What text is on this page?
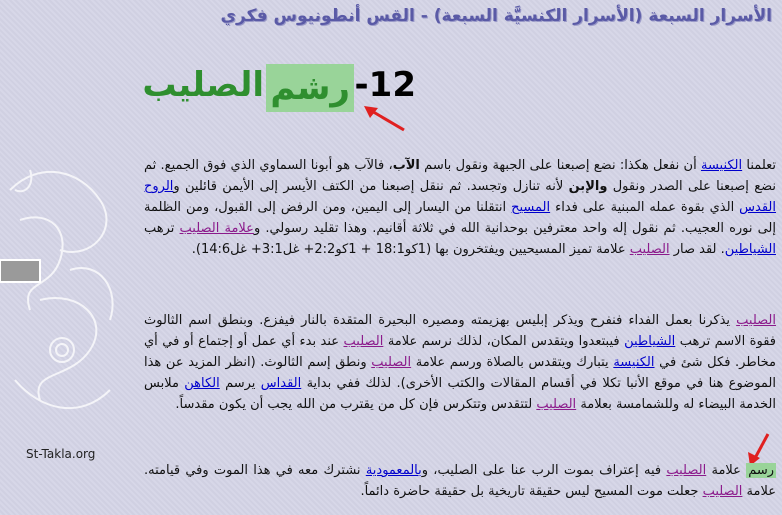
الأسرار السبعة (الأسرار الكنسيَّة السبعة) - القس أنطونيوس فكري
12-
رشم
الصليب
تعلمنا الكنيسة أن نفعل هكذا: نضع إصبعنا على الجبهة ونقول باسم الآب، فالآب هو أبونا السماوي الذي فوق الجميع. ثم نضع إصبعنا على الصدر ونقول والإبن لأنه تنازل وتجسد. ثم ننقل إصبعنا من الكتف الأيسر إلى الأيمن قائلين والروح القدس الذي بقوة عمله المبنية على فداء المسيح انتقلنا من اليسار إلى اليمين، ومن الرفض إلى القبول، ومن الظلمة إلى نوره العجيب. ثم نقول إله واحد معترفين بوحدانية الله في ثلاثة أقانيم. وهذا تقليد رسولي. وعلامة الصليب ترهب الشياطين. لقد صار الصليب علامة تميز المسيحيين ويفتخرون بها (1كو18:1 + 1كو2:2+ غل3:1+ غل14:6).
الصليب يذكرنا بعمل الفداء فنفرح ويذكر إبليس بهزيمته ومصيره البحيرة المتقدة بالنار فيفزع. وبنطق اسم الثالوث فقوة الاسم ترهب الشياطين فيبتعدوا ويتقدس المكان، لذلك نرسم علامة الصليب عند بدء أي عمل أو إجتماع أو في أي مخاطر. فكل شئ في الكنيسة يتبارك ويتقدس بالصلاة ورسم علامة الصليب ونطق إسم الثالوث. (انظر المزيد عن هذا الموضوع هنا في موقع الأنبا تكلا في أقسام المقالات والكتب الأخرى). لذلك ففي بداية القداس يرسم الكاهن ملابس الخدمة البيضاء له وللشمامسة بعلامة الصليب لتتقدس وتتكرس فإن كل من يقترب من الله يجب أن يكون مقدساً.
رسم علامة الصليب فيه إعتراف بموت الرب عنا على الصليب، وبالمعمودية نشترك معه في هذا الموت وفي قيامته. علامة الصليب جعلت موت المسيح ليس حقيقة تاريخية بل حقيقة حاضرة دائماً.
St-Takla.org
